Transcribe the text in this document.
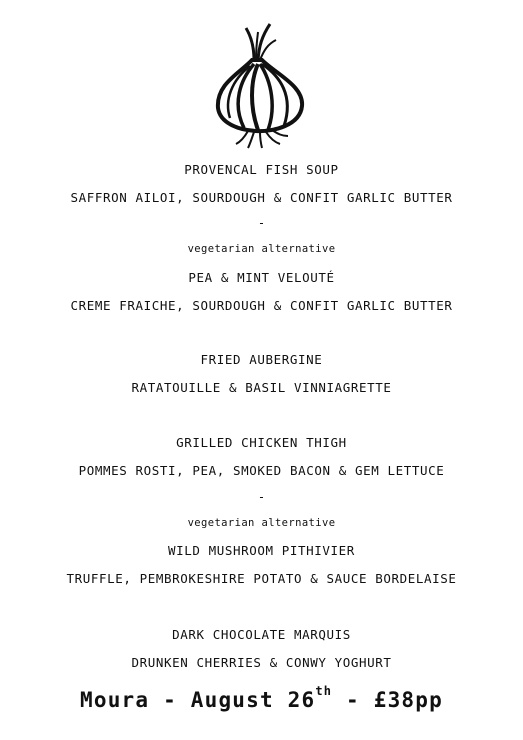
PROVENCAL FISH SOUP
SAFFRON AILOI, SOURDOUGH & CONFIT GARLIC BUTTER
-
vegetarian alternative
PEA & MINT VELOUTÉ
CREME FRAICHE, SOURDOUGH & CONFIT GARLIC BUTTER
FRIED AUBERGINE
RATATOUILLE & BASIL VINNIAGRETTE
GRILLED CHICKEN THIGH
POMMES ROSTI, PEA, SMOKED BACON & GEM LETTUCE
-
vegetarian alternative
WILD MUSHROOM PITHIVIER
TRUFFLE, PEMBROKESHIRE POTATO & SAUCE BORDELAISE
DARK CHOCOLATE MARQUIS
DRUNKEN CHERRIES & CONWY YOGHURT
Moura - August 26th - £38pp
